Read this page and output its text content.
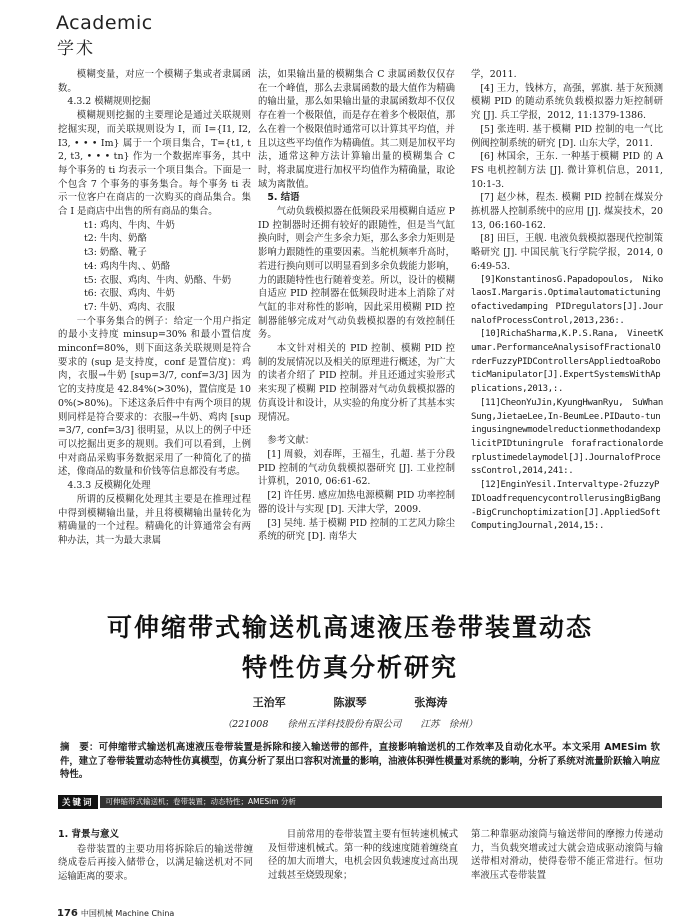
Academic
学术

模糊变量，对应一个模糊子集或者隶属函数。

4.3.2 模糊规则挖掘

模糊规则挖掘的主要理论是通过关联规则挖掘实现，而关联规则设为 I，而 I={I1, I2, I3, • • • Im} 属于一个项目集合，T={t1, t2, t3, • • • tn} 作为一个数据库事务，其中每个事务的 ti 均表示一个项目集合。下面是一个包含 7 个事务的事务集合。每个事务 ti 表示一位客户在商店的一次购买的商品集合。集合 I 是商店中出售的所有商品的集合。

t1: 鸡肉、牛肉、牛奶

t2: 牛肉、奶酪

t3: 奶酪、靴子

t4: 鸡肉牛肉、、奶酪

t5: 衣服、鸡肉、牛肉、奶酪、牛奶

t6: 衣服、鸡肉、牛奶

t7: 牛奶、鸡肉、衣服

一个事务集合的例子：给定一个用户指定的最小支持度 minsup=30% 和最小置信度 minconf=80%，则下面这条关联规则是符合要求的 (sup 是支持度，conf 是置信度)：鸡肉，衣服→牛奶 [sup=3/7, conf=3/3] 因为它的支持度是 42.84%(>30%)，置信度是 100%(>80%)。下述这条后件中有两个项目的规则同样是符合要求的：衣服→牛奶、鸡肉 [sup=3/7, conf=3/3] 很明显，从以上的例子中还可以挖掘出更多的规则。我们可以看到，上例中对商品采购事务数据采用了一种简化了的描述，像商品的数量和价钱等信息都没有考虑。

4.3.3 反模糊化处理

所谓的反模糊化处理其主要是在推理过程中得到模糊输出量，并且将模糊输出量转化为精确量的一个过程。精确化的计算通常会有两种办法，其一为最大隶属

法，如果输出量的模糊集合 C 隶属函数仅仅存在一个峰值，那么去隶属函数的最大值作为精确的输出量，那么如果输出量的隶属函数却不仅仅存在着一个极限值，而是存在着多个极限值，那么在着一个极限值时通常可以计算其平均值，并且以这些平均值作为精确值。其二则是加权平均法，通常这种方法计算输出量的模糊集合 C 时，将隶属度进行加权平均值作为精确量，取论域为离散值。

5. 结语

气动负载模拟器在低频段采用模糊自适应 PID 控制器时还拥有较好的跟随性，但是当气缸换向时，则会产生多余力矩，那么多余力矩则是影响力跟随性的重要因素。当舵机频率升高时，若进行换向则可以明显看到多余负载能力影响，力的跟随特性也行随着变差。所以，设计的模糊自适应 PID 控制器在低频段时进本上消除了对气缸的非对称性的影响，因此采用模糊 PID 控制器能够完成对气动负载模拟器的有效控制任务。

本文针对相关的 PID 控制、模糊 PID 控制的发展情况以及相关的原理进行概述，为广大的读者介绍了 PID 控制。并且还通过实验形式来实现了模糊 PID 控制器对气动负载模拟器的仿真设计和设计，从实验的角度分析了其基本实现情况。

参考文献：

[1] 周毅，刘春晖，王福生，孔超. 基于分段 PID 控制的气动负载模拟器研究 [J]. 工业控制计算机，2010, 06:61-62.

[2] 许任男. 感应加热电源模糊 PID 功率控制器的设计与实现 [D]. 天津大学，2009.

[3] 吴纯. 基于模糊 PID 控制的工艺风力除尘系统的研究 [D]. 南华大

学，2011.

[4] 王力，钱林方，高强，郭旗. 基于灰预测模糊 PID 的随动系统负载模拟器力矩控制研究 [J]. 兵工学报，2012, 11:1379-1386.

[5] 张连明. 基于模糊 PID 控制的电一气比例阀控制系统的研究 [D]. 山东大学，2011.

[6] 林国余，王东. 一种基于模糊 PID 的 AFS 电机控制方法 [J]. 微计算机信息，2011, 10:1-3.

[7] 赵少林，程杰. 模糊 PID 控制在煤炭分拣机器人控制系统中的应用 [J]. 煤炭技术，2013, 06:160-162.

[8] 田巨，王舰. 电液负载模拟器现代控制策略研究 [J]. 中国民航飞行学院学报，2014, 06:49-53.

[9]KonstantinosG.Papadopoulos, NikolaosI.Margaris.Optimalautomatictuningofactivedamping PIDregulators[J].JournalofProcessControl,2013,236:.

[10]RichaSharma,K.P.S.Rana, VineetKumar.PerformanceAnalysisofFractionalOrderFuzzyPIDControllersAppliedtoaRoboticManipulator[J].ExpertSystemsWithApplications,2013,:.

[11]CheonYuJin,KyungHwanRyu, SuWhanSung,JietaeLee,In-BeumLee.PIDauto-tuningusingnewmodelreductionmethodandexplicitPIDtuningrule forafractionalorderplustimedelaymodel[J].JournalofProcessControl,2014,241:.

[12]EnginYesil.Intervaltype-2fuzzyPIDloadfrequencycontrollerusingBigBang-BigCrunchoptimization[J].AppliedSoftComputingJournal,2014,15:.

可伸缩带式输送机高速液压卷带装置动态
特性仿真分析研究
王治军	陈淑琴	张海涛
（221008　　徐州五洋科技股份有限公司　　江苏　徐州）
摘　要：可伸缩带式输送机高速液压卷带装置是拆除和接入输送带的部件，直接影响输送机的工作效率及自动化水平。本文采用 AMESim 软件，建立了卷带装置动态特性仿真模型，仿真分析了泵出口容积对流量的影响，油液体积弹性模量对系统的影响，分析了系统对流量阶跃输入响应特性。
关键词	可伸缩带式输送机；卷带装置；动态特性；AMESim 分析

1. 背景与意义

卷带装置的主要功用将拆除后的输送带缠绕成卷后再接入储带仓，以满足输送机对不同运输距离的要求。

目前常用的卷带装置主要有恒转速机械式及恒带速机械式。第一种的线速度随着缠绕直径的加大而增大，电机会因负载速度过高出现过载甚至烧毁现象；

第二种靠驱动滚筒与输送带间的摩擦力传递动力，当负载突增或过大就会造成驱动滚筒与输送带相对滑动，使得卷带不能正常进行。恒功率液压式卷带装置

176 中国机械 Machine China
